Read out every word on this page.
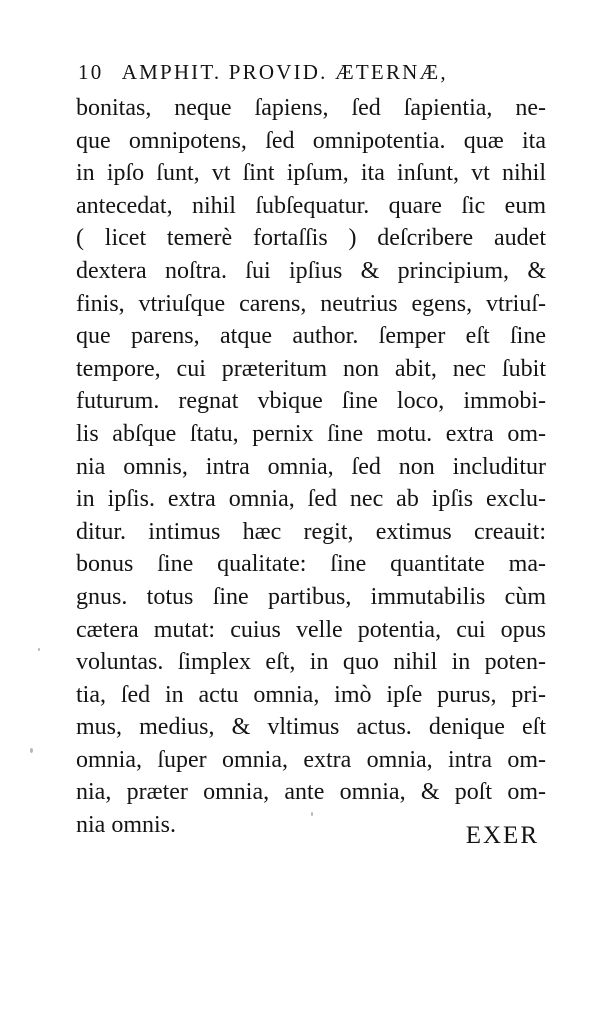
10 AMPHIT. PROVID. ÆTERNÆ,
bonitas, neque ſapiens, ſed ſapientia, ne-
que omnipotens, ſed omnipotentia. quæ ita
in ipſo ſunt, vt ſint ipſum, ita inſunt, vt nihil
antecedat, nihil ſubſequatur. quare ſic eum
( licet temerè fortaſſis ) deſcribere audet
dextera noſtra. ſui ipſius & principium, &
finis, vtriuſque carens, neutrius egens, vtriuſ-
que parens, atque author. ſemper eſt ſine
tempore, cui præteritum non abit, nec ſubit
futurum. regnat vbique ſine loco, immobi-
lis abſque ſtatu, pernix ſine motu. extra om-
nia omnis, intra omnia, ſed non includitur
in ipſis. extra omnia, ſed nec ab ipſis exclu-
ditur. intimus hæc regit, extimus creauit:
bonus ſine qualitate: ſine quantitate ma-
gnus. totus ſine partibus, immutabilis cùm
cætera mutat: cuius velle potentia, cui opus
voluntas. ſimplex eſt, in quo nihil in poten-
tia, ſed in actu omnia, imò ipſe purus, pri-
mus, medius, & vltimus actus. denique eſt
omnia, ſuper omnia, extra omnia, intra om-
nia, præter omnia, ante omnia, & poſt om-
nia omnis.	EXER
